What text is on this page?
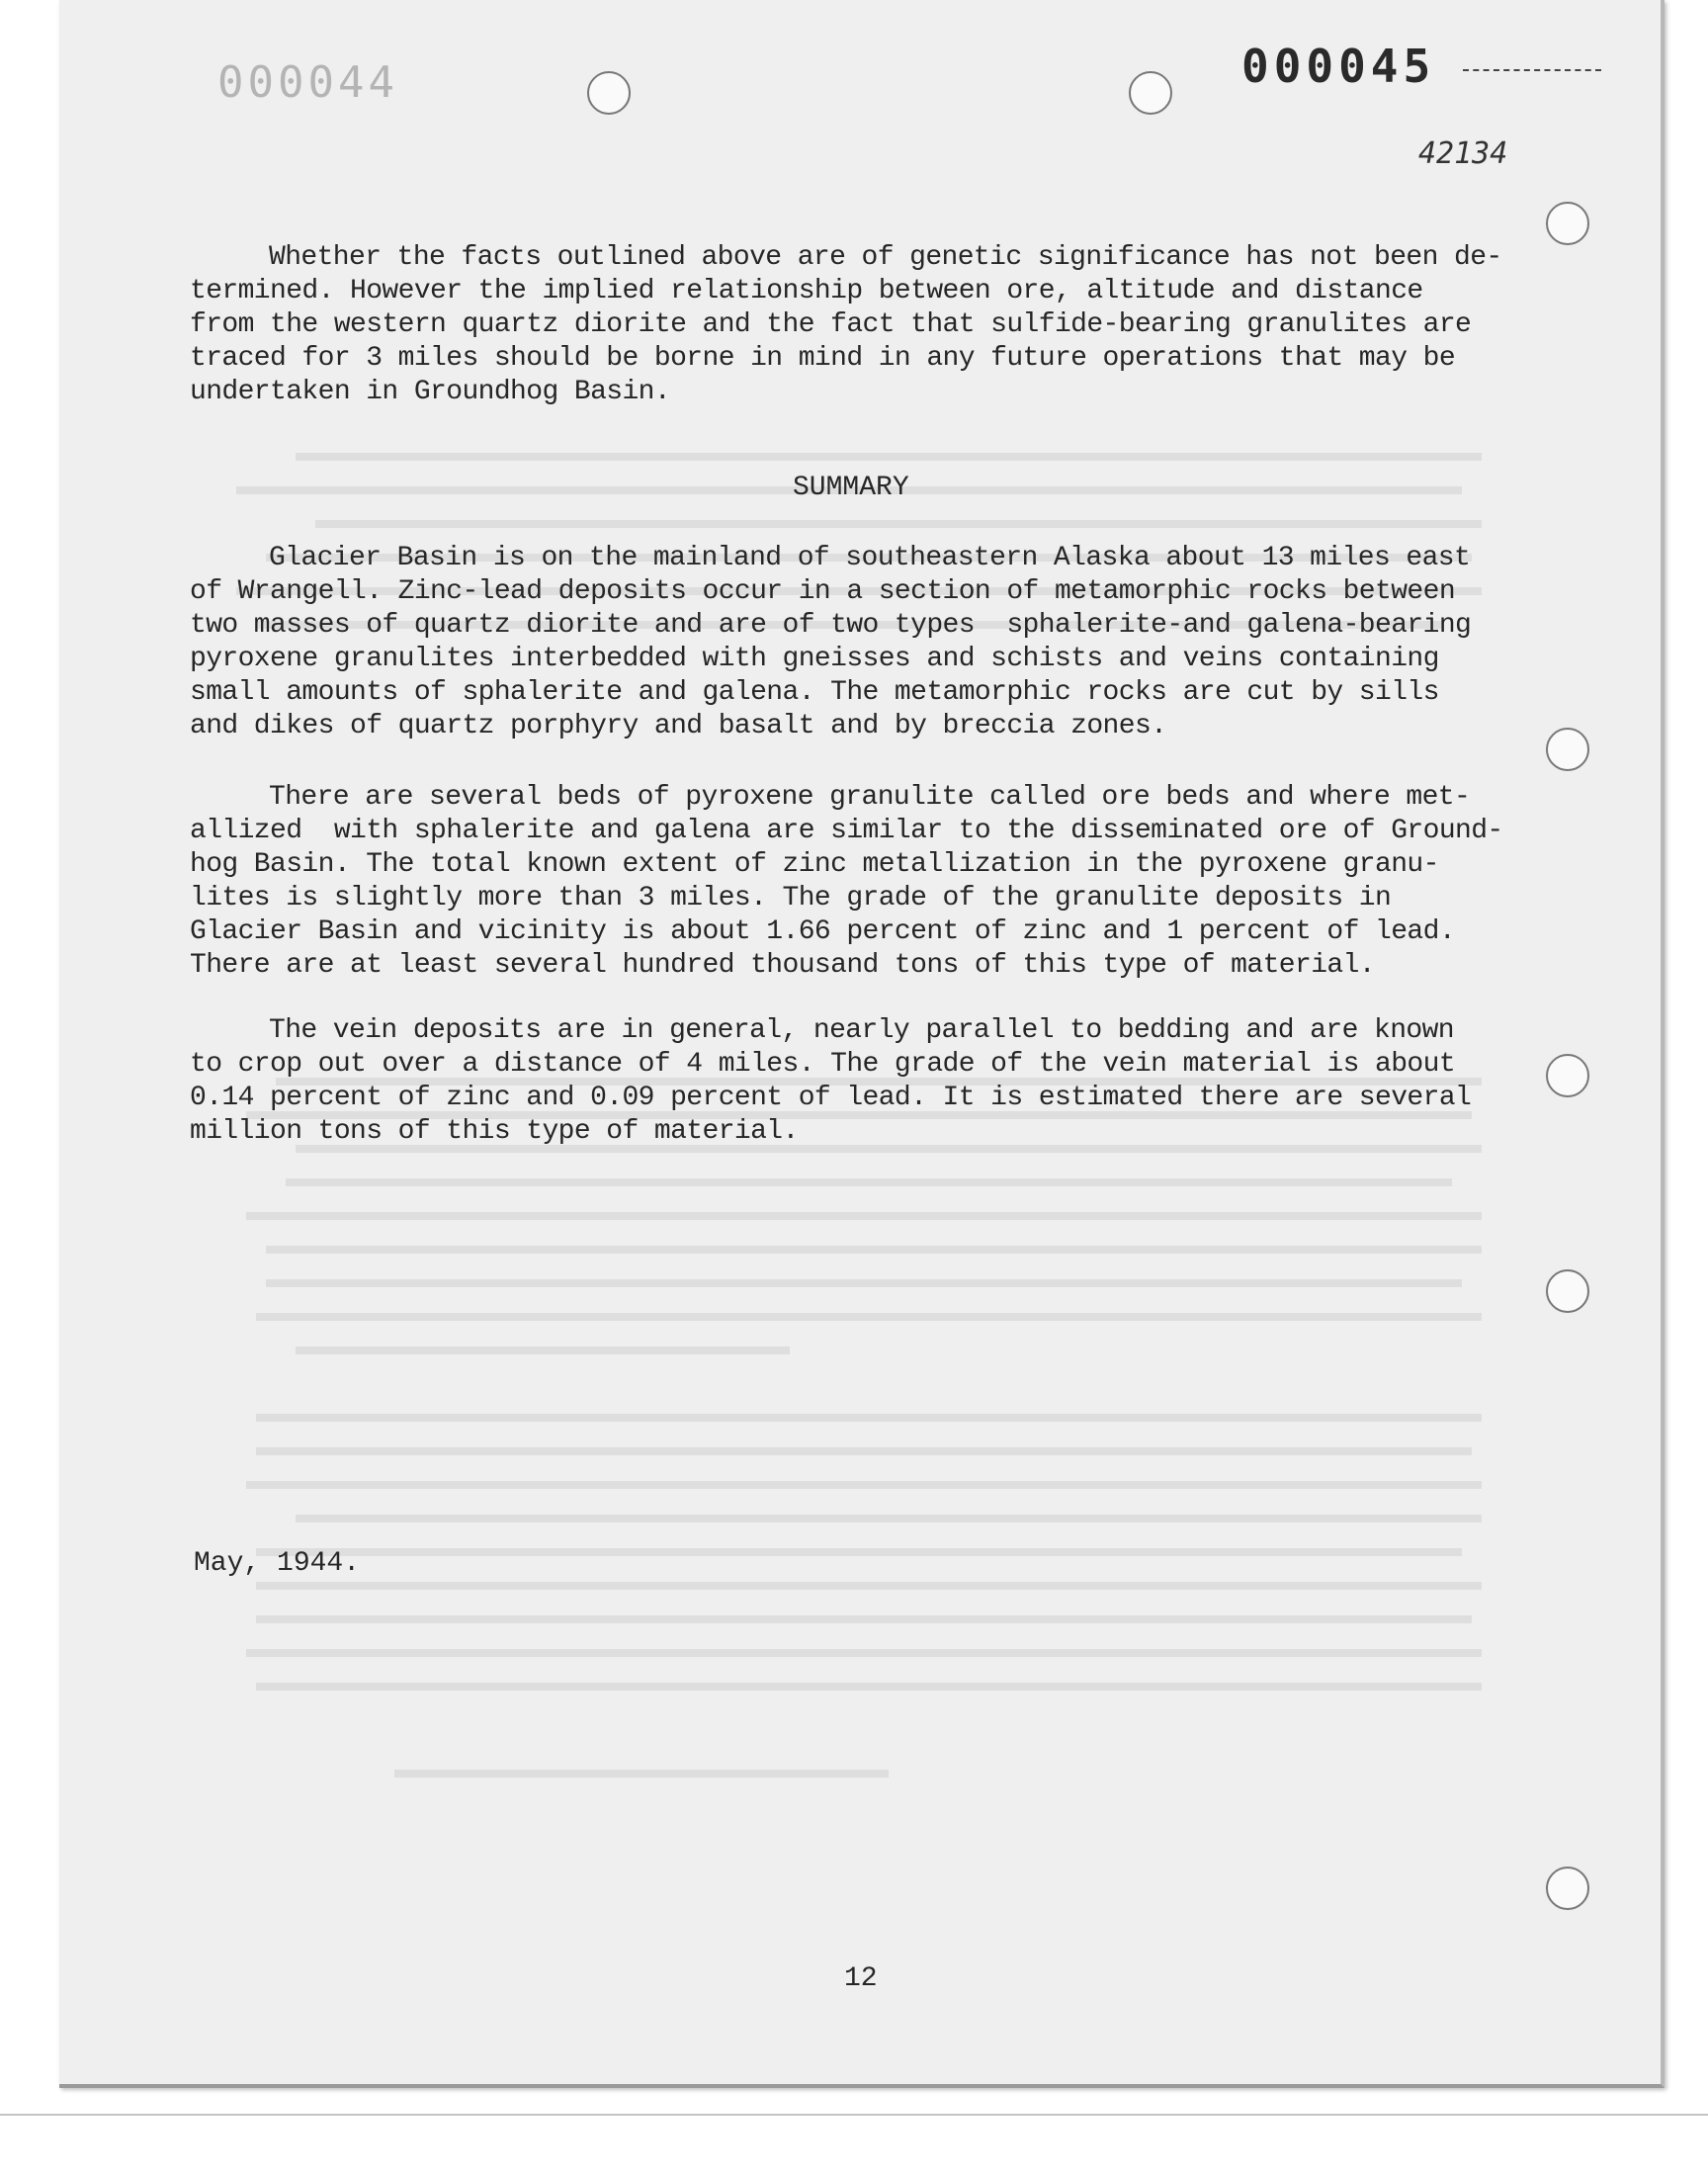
000044	000045
42134
Whether the facts outlined above are of genetic significance has not been de-
termined. However the implied relationship between ore, altitude and distance
from the western quartz diorite and the fact that sulfide-bearing granulites are
traced for 3 miles should be borne in mind in any future operations that may be
undertaken in Groundhog Basin.
SUMMARY
Glacier Basin is on the mainland of southeastern Alaska about 13 miles east
of Wrangell. Zinc-lead deposits occur in a section of metamorphic rocks between
two masses of quartz diorite and are of two types  sphalerite-and galena-bearing
pyroxene granulites interbedded with gneisses and schists and veins containing
small amounts of sphalerite and galena. The metamorphic rocks are cut by sills
and dikes of quartz porphyry and basalt and by breccia zones.
There are several beds of pyroxene granulite called ore beds and where met-
allized  with sphalerite and galena are similar to the disseminated ore of Ground-
hog Basin. The total known extent of zinc metallization in the pyroxene granu-
lites is slightly more than 3 miles. The grade of the granulite deposits in
Glacier Basin and vicinity is about 1.66 percent of zinc and 1 percent of lead.
There are at least several hundred thousand tons of this type of material.
The vein deposits are in general, nearly parallel to bedding and are known
to crop out over a distance of 4 miles. The grade of the vein material is about
0.14 percent of zinc and 0.09 percent of lead. It is estimated there are several
million tons of this type of material.
May, 1944.
12
